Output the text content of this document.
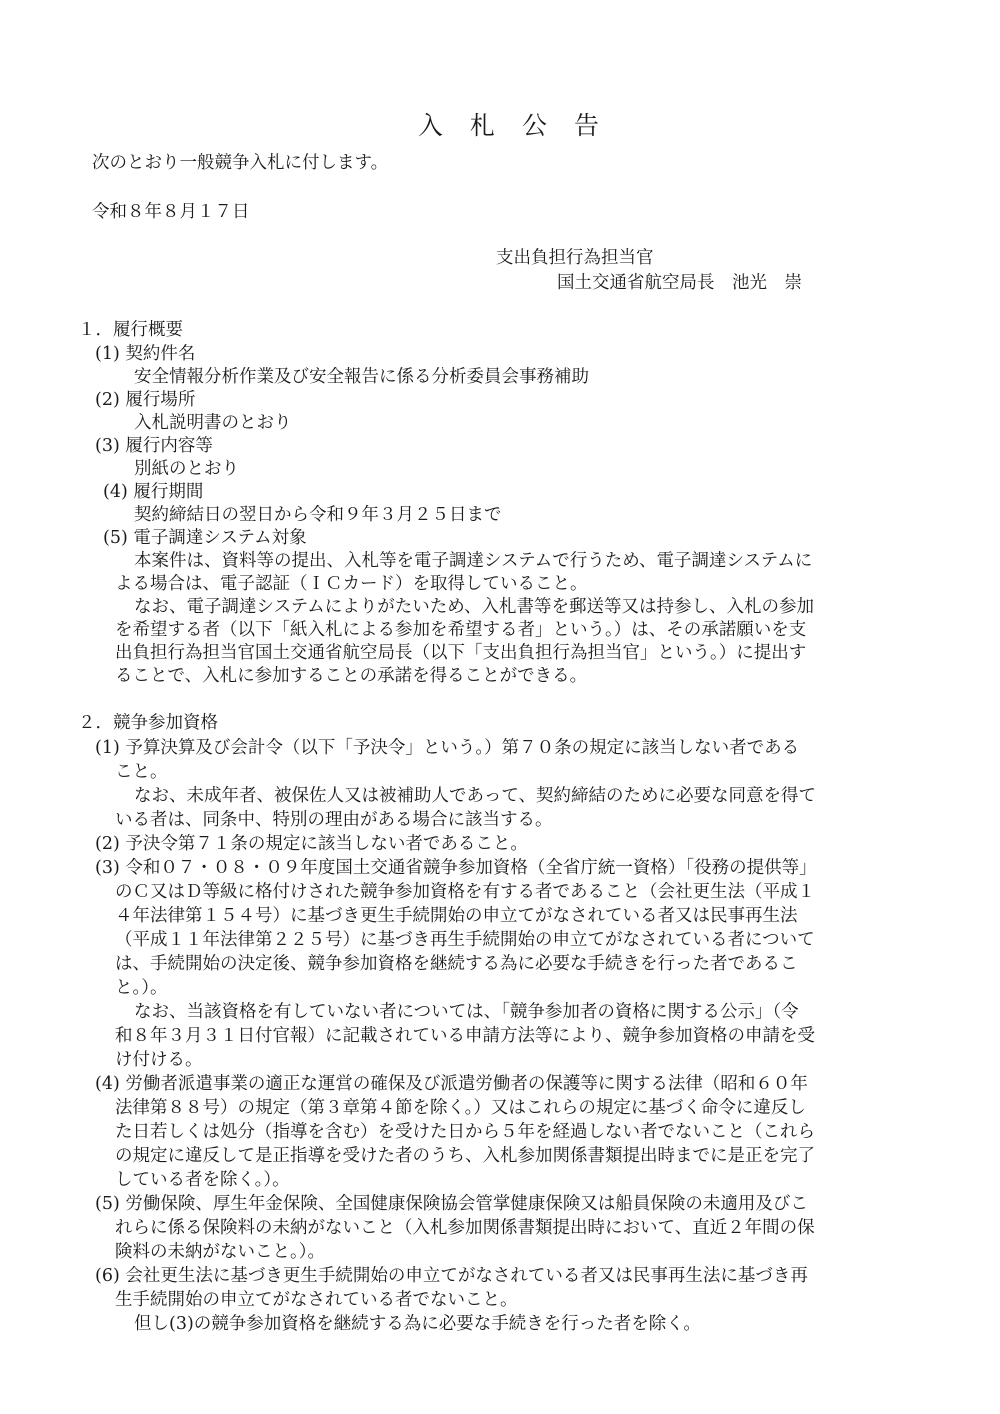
入 札 公 告

次のとおり一般競争入札に付します。
令和８年８月１７日
支出負担行為担当官
国土交通省航空局長　池光　崇
１．履行概要
(1) 契約件名
安全情報分析作業及び安全報告に係る分析委員会事務補助
(2) 履行場所
入札説明書のとおり
(3) 履行内容等
別紙のとおり
(4) 履行期間
契約締結日の翌日から令和９年３月２５日まで
(5) 電子調達システム対象
本案件は、資料等の提出、入札等を電子調達システムで行うため、電子調達システムに
よる場合は、電子認証（ＩＣカード）を取得していること。
なお、電子調達システムによりがたいため、入札書等を郵送等又は持参し、入札の参加
を希望する者（以下「紙入札による参加を希望する者」という。）は、その承諾願いを支
出負担行為担当官国土交通省航空局長（以下「支出負担行為担当官」という。）に提出す
ることで、入札に参加することの承諾を得ることができる。
２．競争参加資格
(1) 予算決算及び会計令（以下「予決令」という。）第７０条の規定に該当しない者である
こと。
なお、未成年者、被保佐人又は被補助人であって、契約締結のために必要な同意を得て
いる者は、同条中、特別の理由がある場合に該当する。
(2) 予決令第７１条の規定に該当しない者であること。
(3) 令和０７・０８・０９年度国土交通省競争参加資格（全省庁統一資格）「役務の提供等」
のＣ又はＤ等級に格付けされた競争参加資格を有する者であること（会社更生法（平成１
４年法律第１５４号）に基づき更生手続開始の申立てがなされている者又は民事再生法
（平成１１年法律第２２５号）に基づき再生手続開始の申立てがなされている者について
は、手続開始の決定後、競争参加資格を継続する為に必要な手続きを行った者であるこ
と。）。
なお、当該資格を有していない者については、「競争参加者の資格に関する公示」（令
和８年３月３１日付官報）に記載されている申請方法等により、競争参加資格の申請を受
け付ける。
(4) 労働者派遣事業の適正な運営の確保及び派遣労働者の保護等に関する法律（昭和６０年
法律第８８号）の規定（第３章第４節を除く。）又はこれらの規定に基づく命令に違反し
た日若しくは処分（指導を含む）を受けた日から５年を経過しない者でないこと（これら
の規定に違反して是正指導を受けた者のうち、入札参加関係書類提出時までに是正を完了
している者を除く。）。
(5) 労働保険、厚生年金保険、全国健康保険協会管掌健康保険又は船員保険の未適用及びこ
れらに係る保険料の未納がないこと（入札参加関係書類提出時において、直近２年間の保
険料の未納がないこと。）。
(6) 会社更生法に基づき更生手続開始の申立てがなされている者又は民事再生法に基づき再
生手続開始の申立てがなされている者でないこと。
但し(3)の競争参加資格を継続する為に必要な手続きを行った者を除く。
